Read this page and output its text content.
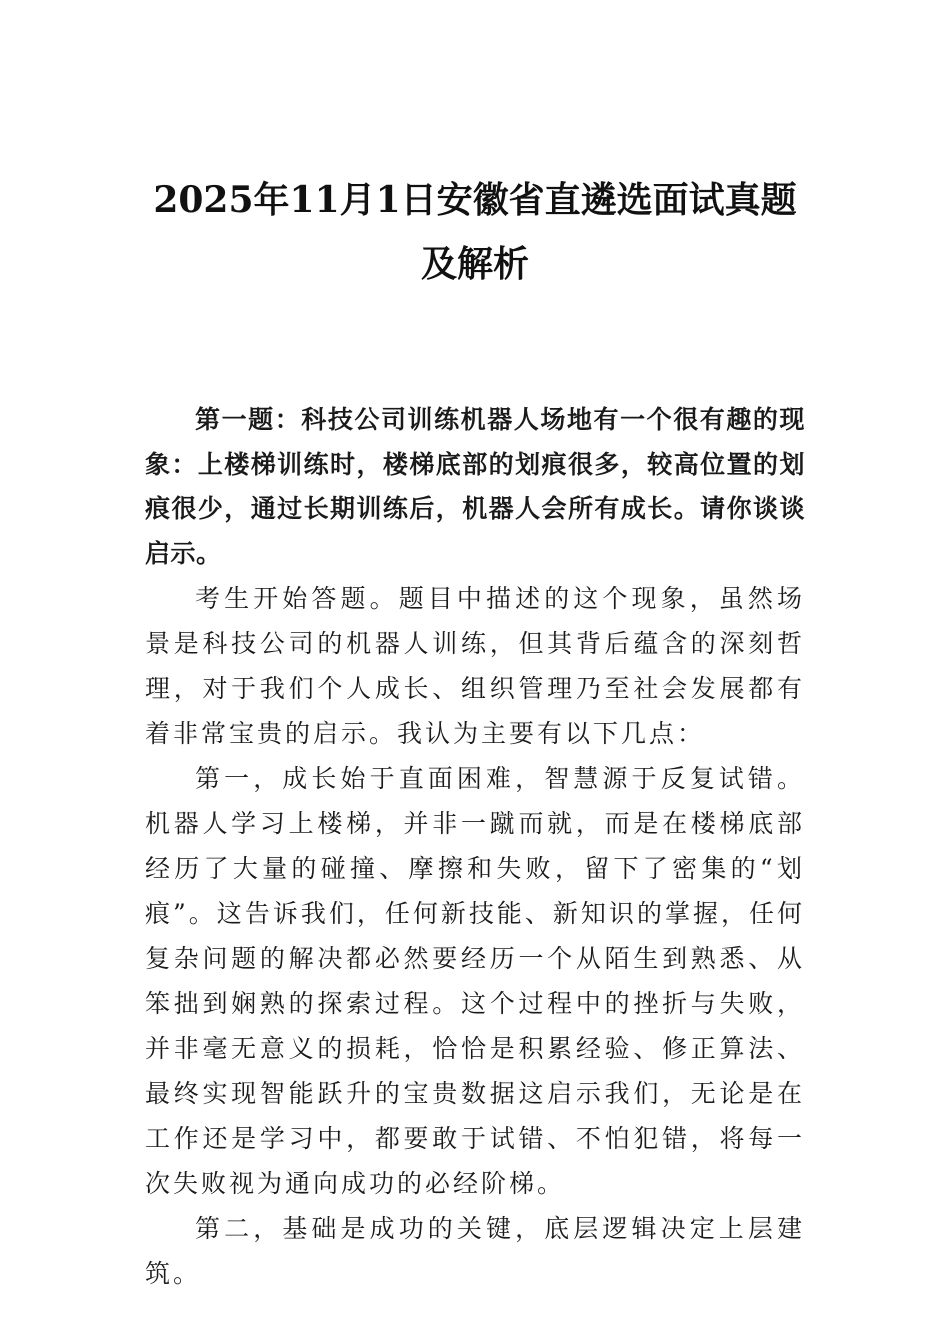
2025年11月1日安徽省直遴选面试真题及解析

第一题：科技公司训练机器人场地有一个很有趣的现象：上楼梯训练时，楼梯底部的划痕很多，较高位置的划痕很少，通过长期训练后，机器人会所有成长。请你谈谈启示。

考生开始答题。题目中描述的这个现象，虽然场景是科技公司的机器人训练，但其背后蕴含的深刻哲理，对于我们个人成长、组织管理乃至社会发展都有着非常宝贵的启示。我认为主要有以下几点：

第一，成长始于直面困难，智慧源于反复试错。机器人学习上楼梯，并非一蹴而就，而是在楼梯底部经历了大量的碰撞、摩擦和失败，留下了密集的“划痕”。这告诉我们，任何新技能、新知识的掌握，任何复杂问题的解决都必然要经历一个从陌生到熟悉、从笨拙到娴熟的探索过程。这个过程中的挫折与失败，并非毫无意义的损耗，恰恰是积累经验、修正算法、最终实现智能跃升的宝贵数据这启示我们，无论是在工作还是学习中，都要敢于试错、不怕犯错，将每一次失败视为通向成功的必经阶梯。

第二，基础是成功的关键，底层逻辑决定上层建筑。
